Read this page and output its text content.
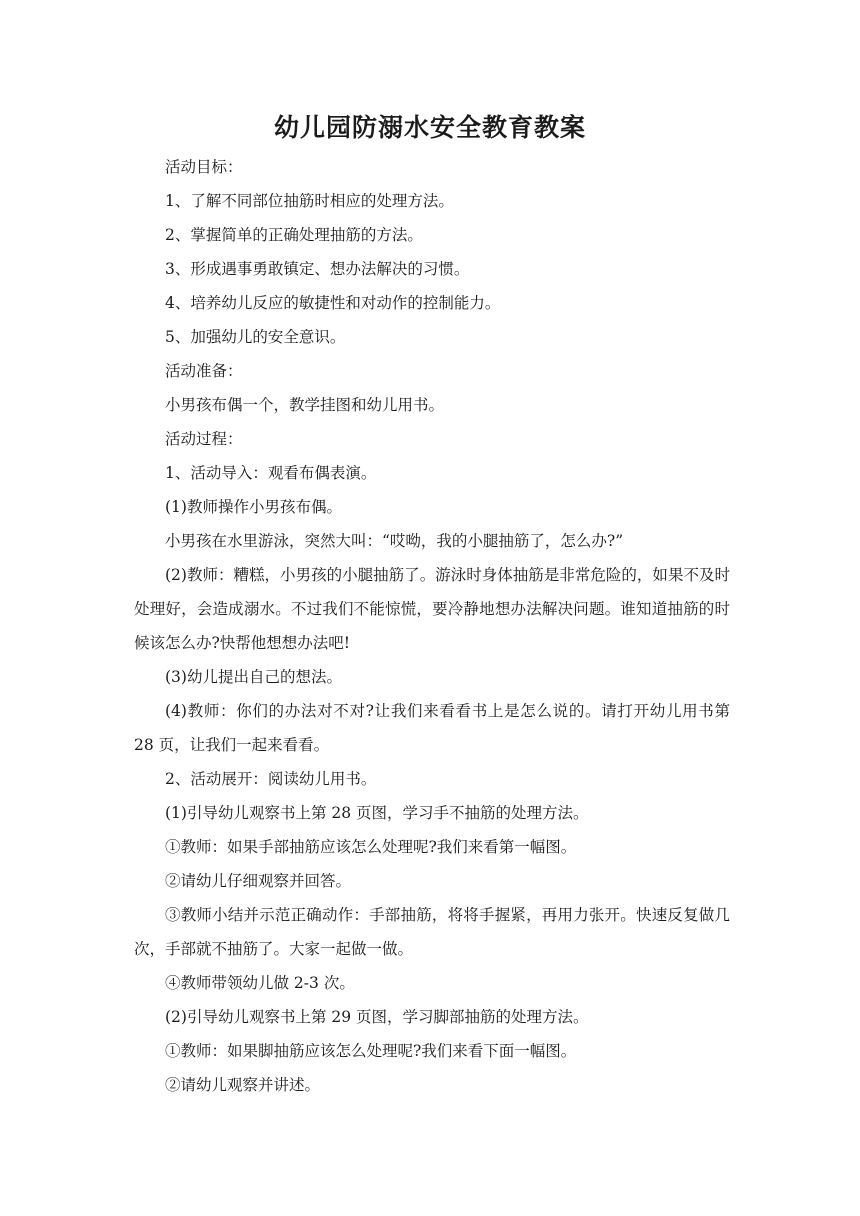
幼儿园防溺水安全教育教案

活动目标：

1、了解不同部位抽筋时相应的处理方法。

2、掌握简单的正确处理抽筋的方法。

3、形成遇事勇敢镇定、想办法解决的习惯。

4、培养幼儿反应的敏捷性和对动作的控制能力。

5、加强幼儿的安全意识。

活动准备：

小男孩布偶一个，教学挂图和幼儿用书。

活动过程：

1、活动导入：观看布偶表演。

(1)教师操作小男孩布偶。

小男孩在水里游泳，突然大叫：“哎呦，我的小腿抽筋了，怎么办?”

(2)教师：糟糕，小男孩的小腿抽筋了。游泳时身体抽筋是非常危险的，如果不及时处理好，会造成溺水。不过我们不能惊慌，要冷静地想办法解决问题。谁知道抽筋的时候该怎么办?快帮他想想办法吧!

(3)幼儿提出自己的想法。

(4)教师：你们的办法对不对?让我们来看看书上是怎么说的。请打开幼儿用书第 28 页，让我们一起来看看。

2、活动展开：阅读幼儿用书。

(1)引导幼儿观察书上第 28 页图，学习手不抽筋的处理方法。

①教师：如果手部抽筋应该怎么处理呢?我们来看第一幅图。

②请幼儿仔细观察并回答。

③教师小结并示范正确动作：手部抽筋，将将手握紧，再用力张开。快速反复做几次，手部就不抽筋了。大家一起做一做。

④教师带领幼儿做 2-3 次。

(2)引导幼儿观察书上第 29 页图，学习脚部抽筋的处理方法。

①教师：如果脚抽筋应该怎么处理呢?我们来看下面一幅图。

②请幼儿观察并讲述。
